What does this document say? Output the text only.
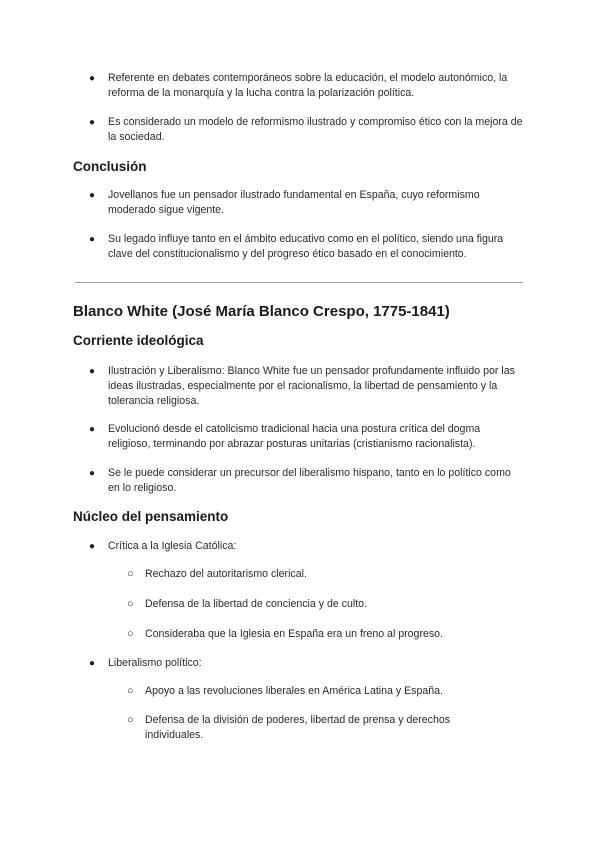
● Referente en debates contemporáneos sobre la educación, el modelo autonómico, la reforma de la monarquía y la lucha contra la polarización política.
● Es considerado un modelo de reformismo ilustrado y compromiso ético con la mejora de la sociedad.
Conclusión
● Jovellanos fue un pensador ilustrado fundamental en España, cuyo reformismo moderado sigue vigente.
● Su legado influye tanto en el ámbito educativo como en el político, siendo una figura clave del constitucionalismo y del progreso ético basado en el conocimiento.
Blanco White (José María Blanco Crespo, 1775-1841)
Corriente ideológica
● Ilustración y Liberalismo: Blanco White fue un pensador profundamente influido por las ideas ilustradas, especialmente por el racionalismo, la libertad de pensamiento y la tolerancia religiosa.
● Evolucionó desde el catolicismo tradicional hacia una postura crítica del dogma religioso, terminando por abrazar posturas unitarias (cristianismo racionalista).
● Se le puede considerar un precursor del liberalismo hispano, tanto en lo político como en lo religioso.
Núcleo del pensamiento
● Crítica a la Iglesia Católica:
○ Rechazo del autoritarismo clerical.
○ Defensa de la libertad de conciencia y de culto.
○ Consideraba que la Iglesia en España era un freno al progreso.
● Liberalismo político:
○ Apoyo a las revoluciones liberales en América Latina y España.
○ Defensa de la división de poderes, libertad de prensa y derechos individuales.
